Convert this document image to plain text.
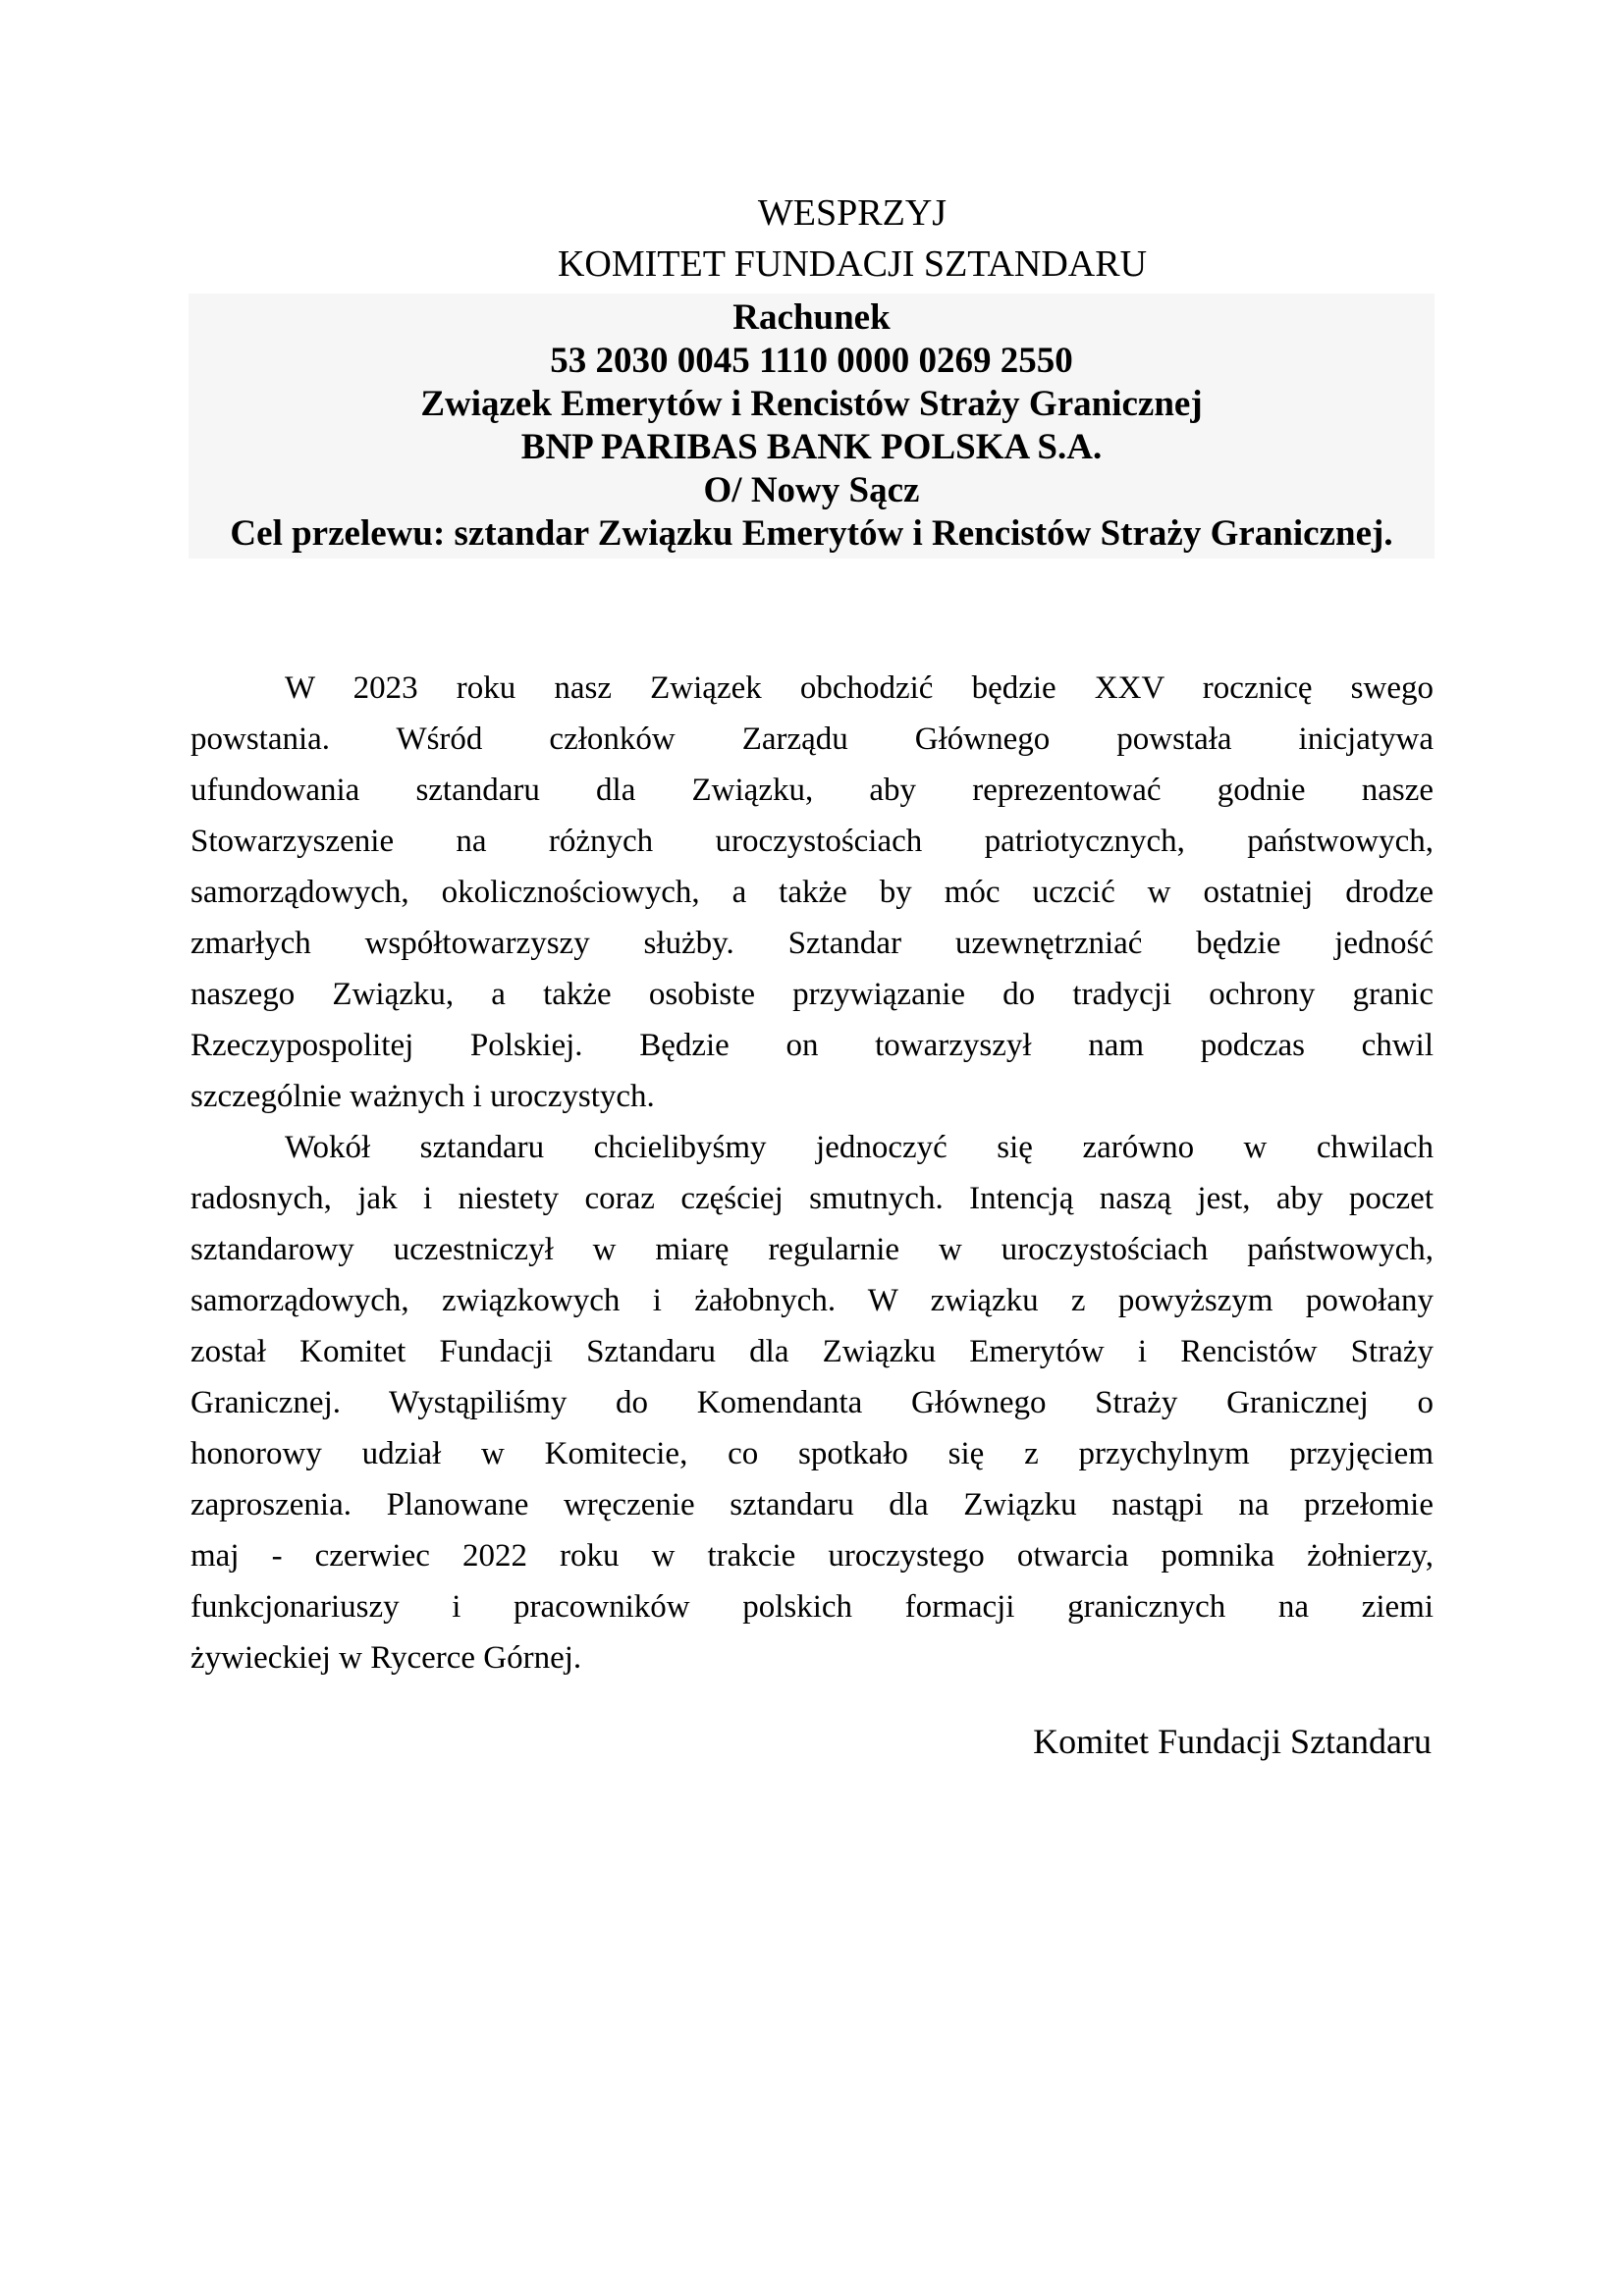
WESPRZYJ
KOMITET FUNDACJI SZTANDARU
Rachunek
53 2030 0045 1110 0000 0269 2550
Związek Emerytów i Rencistów Straży Granicznej
BNP PARIBAS BANK POLSKA S.A.
O/ Nowy Sącz
Cel przelewu: sztandar Związku Emerytów i Rencistów Straży Granicznej.
W 2023 roku nasz Związek obchodzić będzie XXV rocznicę swego
powstania. Wśród członków Zarządu Głównego powstała inicjatywa
ufundowania sztandaru dla Związku, aby reprezentować godnie nasze
Stowarzyszenie na różnych uroczystościach patriotycznych, państwowych,
samorządowych, okolicznościowych, a także by móc uczcić w ostatniej drodze
zmarłych współtowarzyszy służby. Sztandar uzewnętrzniać będzie jedność
naszego Związku, a także osobiste przywiązanie do tradycji ochrony granic
Rzeczypospolitej Polskiej. Będzie on towarzyszył nam podczas chwil
szczególnie ważnych i uroczystych.
Wokół sztandaru chcielibyśmy jednoczyć się zarówno w chwilach
radosnych, jak i niestety coraz częściej smutnych. Intencją naszą jest, aby poczet
sztandarowy uczestniczył w miarę regularnie w uroczystościach państwowych,
samorządowych, związkowych i żałobnych. W związku z powyższym powołany
został Komitet Fundacji Sztandaru dla Związku Emerytów i Rencistów Straży
Granicznej. Wystąpiliśmy do Komendanta Głównego Straży Granicznej o
honorowy udział w Komitecie, co spotkało się z przychylnym przyjęciem
zaproszenia. Planowane wręczenie sztandaru dla Związku nastąpi na przełomie
maj - czerwiec 2022 roku w trakcie uroczystego otwarcia pomnika żołnierzy,
funkcjonariuszy i pracowników polskich formacji granicznych na ziemi
żywieckiej w Rycerce Górnej.
Komitet Fundacji Sztandaru
